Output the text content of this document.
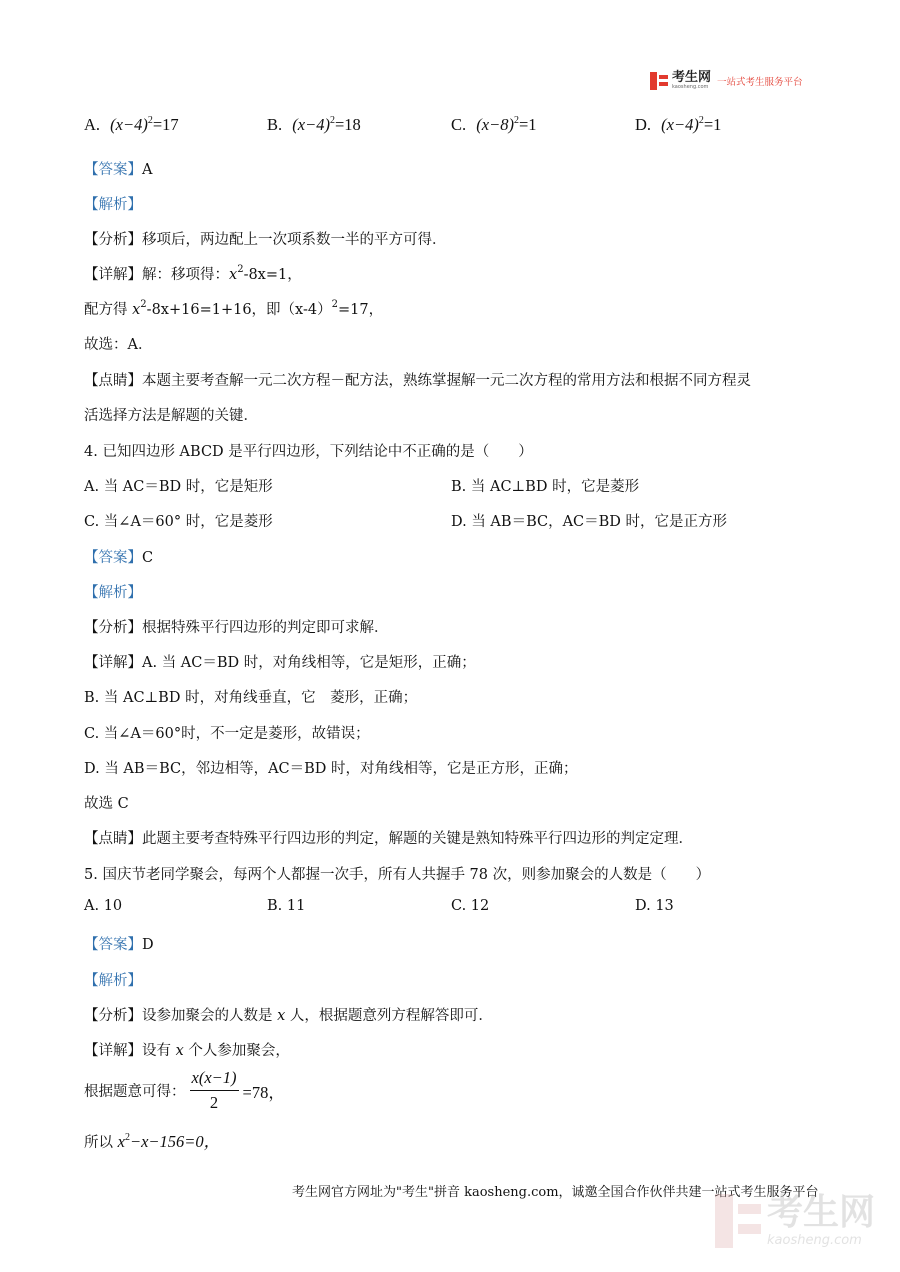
考生网
kaosheng.com 一站式考生服务平台
A. $(x-4)^2=17$	B. $(x-4)^2=18$	C. $(x-8)^2=1$	D. $(x-4)^2=1$
【答案】A
【解析】
【分析】移项后，两边配上一次项系数一半的平方可得．
【详解】解：移项得：$x^2-8x=1$，
配方得 $x^2-8x+16=1+16$，即$(x-4)^2=17$，
故选：A．
【点睛】本题主要考查解一元二次方程－配方法，熟练掌握解一元二次方程的常用方法和根据不同方程灵
活选择方法是解题的关键．
4. 已知四边形 ABCD 是平行四边形，下列结论中不正确的是（　　）
A. 当 AC＝BD 时，它是矩形	B. 当 AC⊥BD 时，它是菱形
C. 当∠A＝60° 时，它是菱形	D. 当 AB＝BC，AC＝BD 时，它是正方形
【答案】C
【解析】
【分析】根据特殊平行四边形的判定即可求解．
【详解】A. 当 AC＝BD 时，对角线相等，它是矩形，正确；
B. 当 AC⊥BD 时，对角线垂直，它　菱形，正确；
C. 当∠A＝60°时，不一定是菱形，故错误；
D. 当 AB＝BC，邻边相等，AC＝BD 时，对角线相等，它是正方形，正确；
故选 C
【点睛】此题主要考查特殊平行四边形的判定，解题的关键是熟知特殊平行四边形的判定定理．
5. 国庆节老同学聚会，每两个人都握一次手，所有人共握手 78 次，则参加聚会的人数是（　　）
A. 10	B. 11	C. 12	D. 13
【答案】D
【解析】
【分析】设参加聚会的人数是 x 人，根据题意列方程解答即可．
【详解】设有 x 个人参加聚会，
根据题意可得： $\frac{x(x-1)}{2} =78$，
所以 $x^2-x-156=0$，
考生网官方网址为"考生"拼音 kaosheng.com，诚邀全国合作伙伴共建一站式考生服务平台
考生网
kaosheng.com
